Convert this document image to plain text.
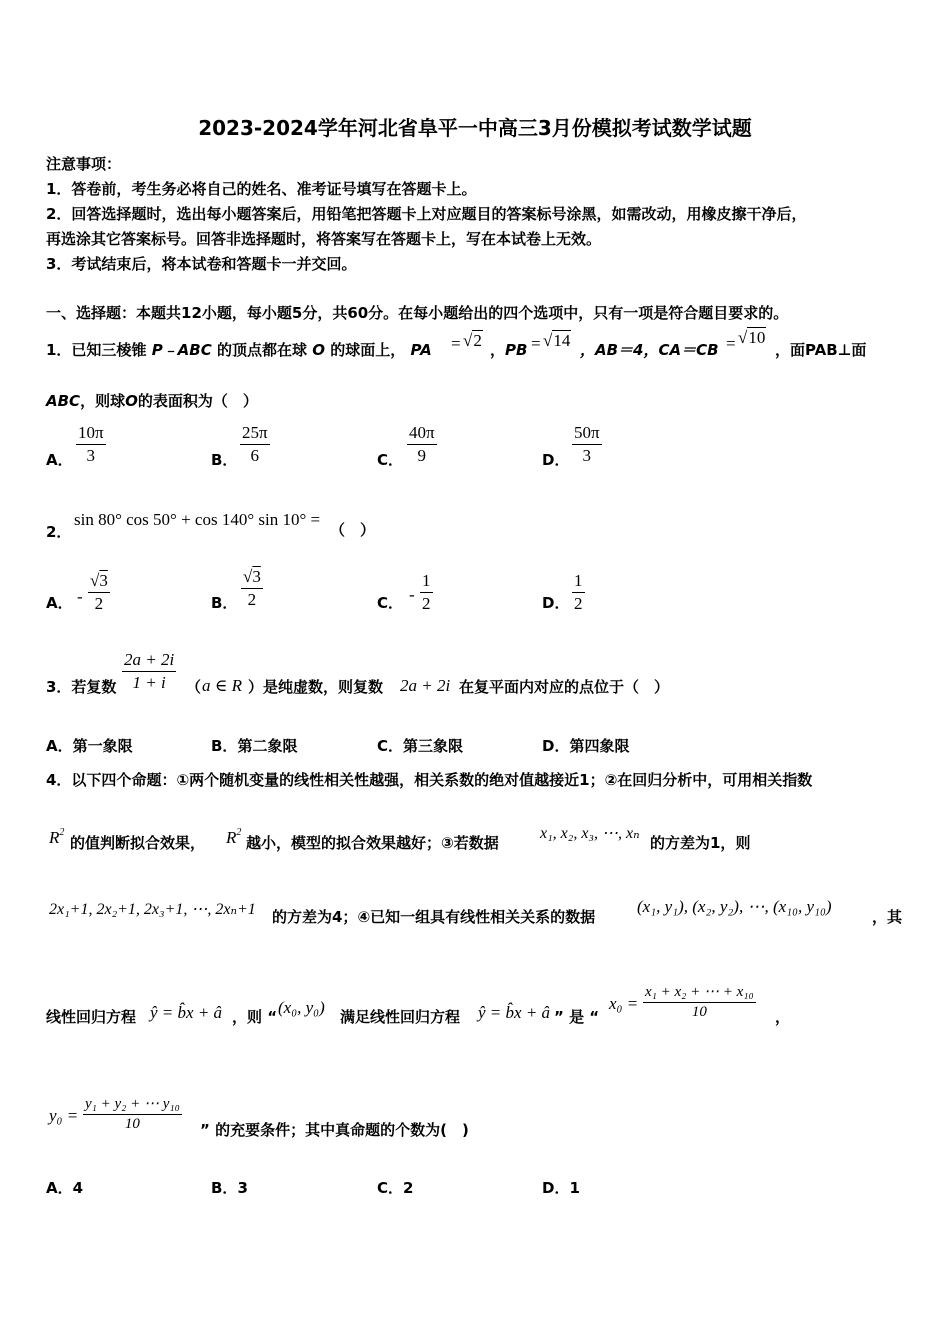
2023-2024学年河北省阜平一中高三3月份模拟考试数学试题
注意事项：
1．答卷前，考生务必将自己的姓名、准考证号填写在答题卡上。
2．回答选择题时，选出每小题答案后，用铅笔把答题卡上对应题目的答案标号涂黑，如需改动，用橡皮擦干净后，
再选涂其它答案标号。回答非选择题时，将答案写在答题卡上，写在本试卷上无效。
3．考试结束后，将本试卷和答题卡一并交回。
一、选择题：本题共12小题，每小题5分，共60分。在每小题给出的四个选项中，只有一项是符合题目要求的。
1．已知三棱锥 P﹣ABC 的顶点都在球 O 的球面上， PA = √2 ，PB = √14 ，AB＝4，CA＝CB = √10
，面PAB⊥面
ABC，则球O的表面积为（　）
A． $\frac{10\pi}{3}$	B． $\frac{25\pi}{6}$	C． $\frac{40\pi}{9}$	D． $\frac{50\pi}{3}$
2．
sin 80° cos 50° + cos 140° sin 10° =
（　）
A． - $\frac{√3}{2}$	B． $\frac{√3}{2}$	C． - $\frac{1}{2}$	D． $\frac{1}{2}$
3．若复数 $\frac{2a + 2i}{1 + i}$ （ a ∈ R ）是纯虚数，则复数 2a + 2i 在复平面内对应的点位于（　）
A．第一象限	B．第二象限	C．第三象限	D．第四象限
4．以下四个命题：①两个随机变量的线性相关性越强，相关系数的绝对值越接近1；②在回归分析中，可用相关指数
$R^2$
的值判断拟合效果， $R^2$
越小，模型的拟合效果越好；③若数据
x₁, x₂, x₃, ⋯, xₙ
的方差为1，则
2x₁+1, 2x₂+1, 2x₃+1, ⋯, 2xₙ+1 的方差为4；④已知一组具有线性相关关系的数据
(x₁, y₁), (x₂, y₂), ⋯, (x₁₀, y₁₀)
，其
线性回归方程 ŷ = b̂x + â ，则 “ (x₀, y₀) 满足线性回归方程 ŷ = b̂x + â ” 是 “
$x_0 = \frac{\text{x₁ + x₂ + ⋯ + x₁₀}}{10}$ ，
$y_0 = \frac{\text{y₁ + y₂ + ⋯ y₁₀}}{10}$ ” 的充要条件；其中真命题的个数为(　)
A．4	B．3	C．2	D．1
